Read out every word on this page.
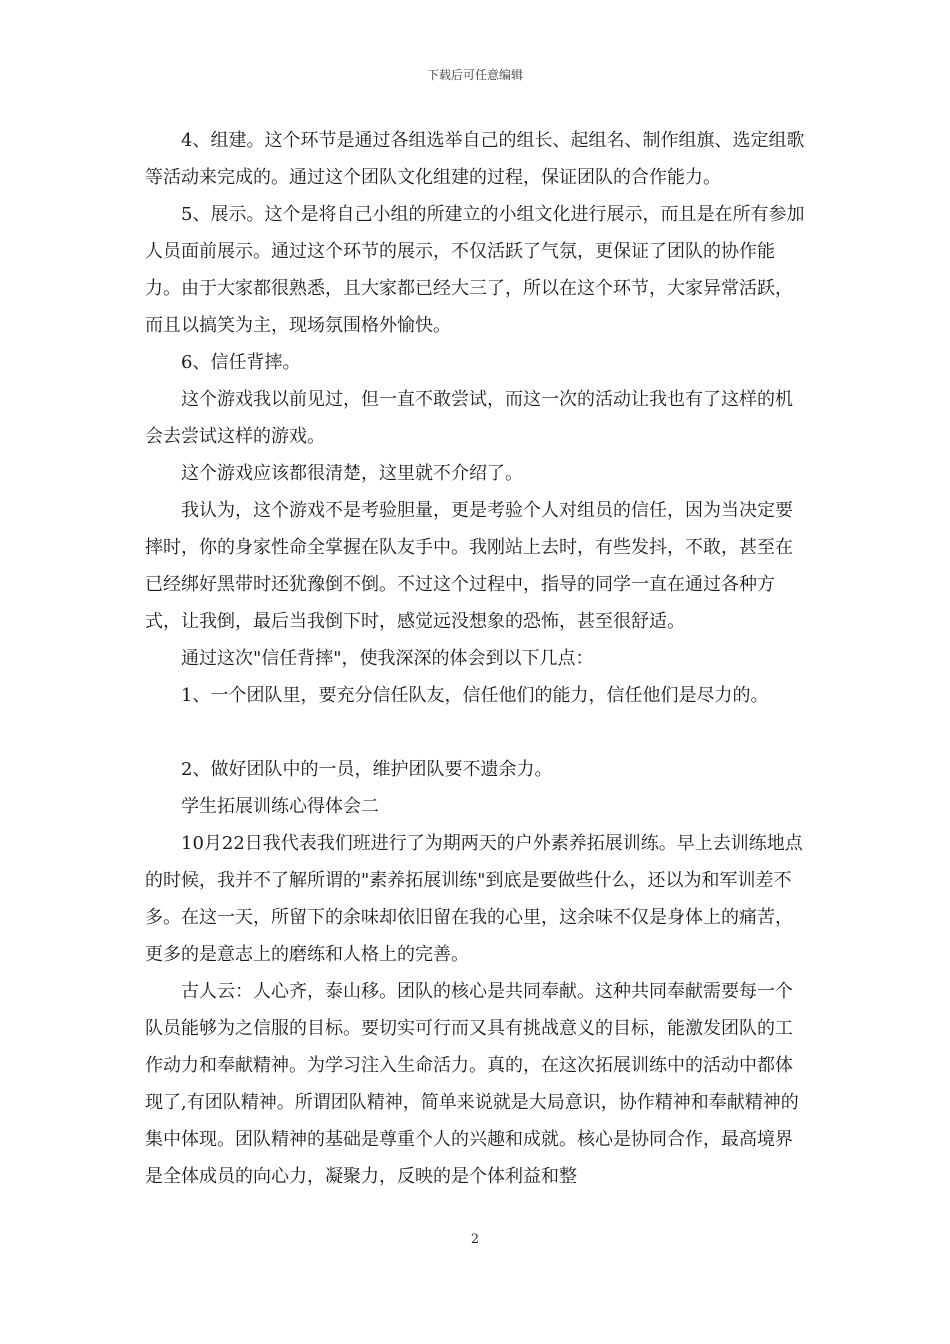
下载后可任意编辑

4、组建。这个环节是通过各组选举自己的组长、起组名、制作组旗、选定组歌等活动来完成的。通过这个团队文化组建的过程，保证团队的合作能力。

5、展示。这个是将自己小组的所建立的小组文化进行展示，而且是在所有参加人员面前展示。通过这个环节的展示，不仅活跃了气氛，更保证了团队的协作能力。由于大家都很熟悉，且大家都已经大三了，所以在这个环节，大家异常活跃，而且以搞笑为主，现场氛围格外愉快。

6、信任背摔。

这个游戏我以前见过，但一直不敢尝试，而这一次的活动让我也有了这样的机会去尝试这样的游戏。

这个游戏应该都很清楚，这里就不介绍了。

我认为，这个游戏不是考验胆量，更是考验个人对组员的信任，因为当决定要摔时，你的身家性命全掌握在队友手中。我刚站上去时，有些发抖，不敢，甚至在已经绑好黑带时还犹豫倒不倒。不过这个过程中，指导的同学一直在通过各种方式，让我倒，最后当我倒下时，感觉远没想象的恐怖，甚至很舒适。

通过这次"信任背摔"，使我深深的体会到以下几点：

1、一个团队里，要充分信任队友，信任他们的能力，信任他们是尽力的。

2、做好团队中的一员，维护团队要不遗余力。

学生拓展训练心得体会二

10月22日我代表我们班进行了为期两天的户外素养拓展训练。早上去训练地点的时候，我并不了解所谓的"素养拓展训练"到底是要做些什么，还以为和军训差不多。在这一天，所留下的余味却依旧留在我的心里，这余味不仅是身体上的痛苦，更多的是意志上的磨练和人格上的完善。

古人云：人心齐，泰山移。团队的核心是共同奉献。这种共同奉献需要每一个队员能够为之信服的目标。要切实可行而又具有挑战意义的目标，能激发团队的工作动力和奉献精神。为学习注入生命活力。真的，在这次拓展训练中的活动中都体现了,有团队精神。所谓团队精神，简单来说就是大局意识，协作精神和奉献精神的集中体现。团队精神的基础是尊重个人的兴趣和成就。核心是协同合作，最高境界是全体成员的向心力，凝聚力，反映的是个体利益和整

2
